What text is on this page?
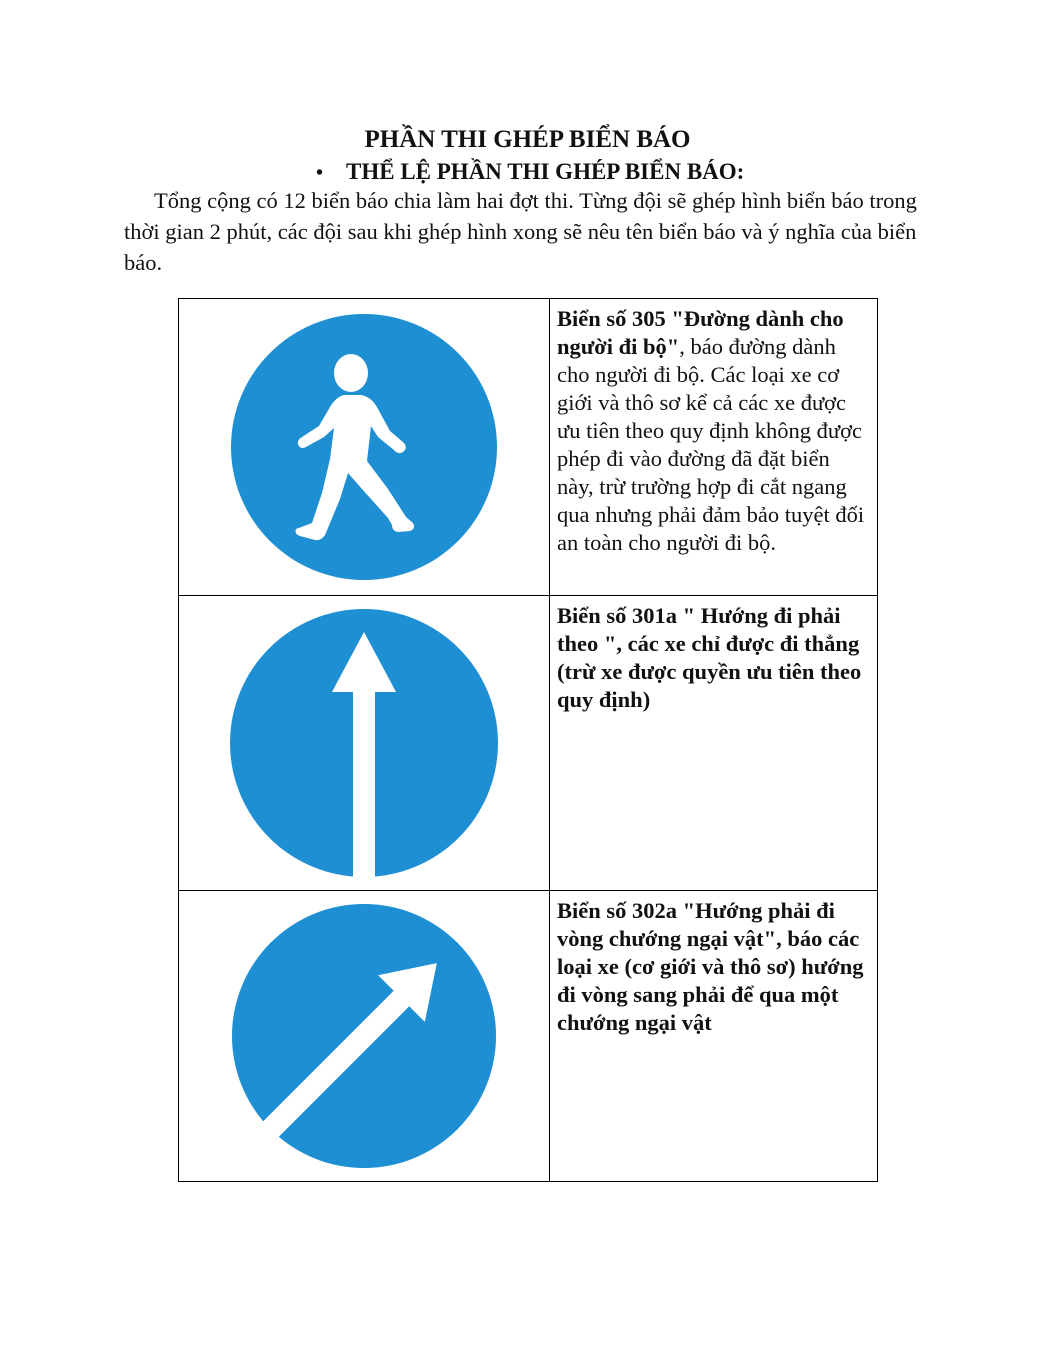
PHẦN THI GHÉP BIỂN BÁO
• THỂ LỆ PHẦN THI GHÉP BIỂN BÁO:

Tổng cộng có 12 biển báo chia làm hai đợt thi. Từng đội sẽ ghép hình biển báo trong thời gian 2 phút, các đội sau khi ghép hình xong sẽ nêu tên biển báo và ý nghĩa của biển báo.

	Biển số 305 "Đường dành cho người đi bộ", báo đường dành cho người đi bộ. Các loại xe cơ giới và thô sơ kể cả các xe được ưu tiên theo quy định không được phép đi vào đường đã đặt biển này, trừ trường hợp đi cắt ngang qua nhưng phải đảm bảo tuyệt đối an toàn cho người đi bộ.

	Biển số 301a " Hướng đi phải theo ", các xe chỉ được đi thẳng (trừ xe được quyền ưu tiên theo quy định)

	Biển số 302a "Hướng phải đi vòng chướng ngại vật", báo các loại xe (cơ giới và thô sơ) hướng đi vòng sang phải để qua một chướng ngại vật
